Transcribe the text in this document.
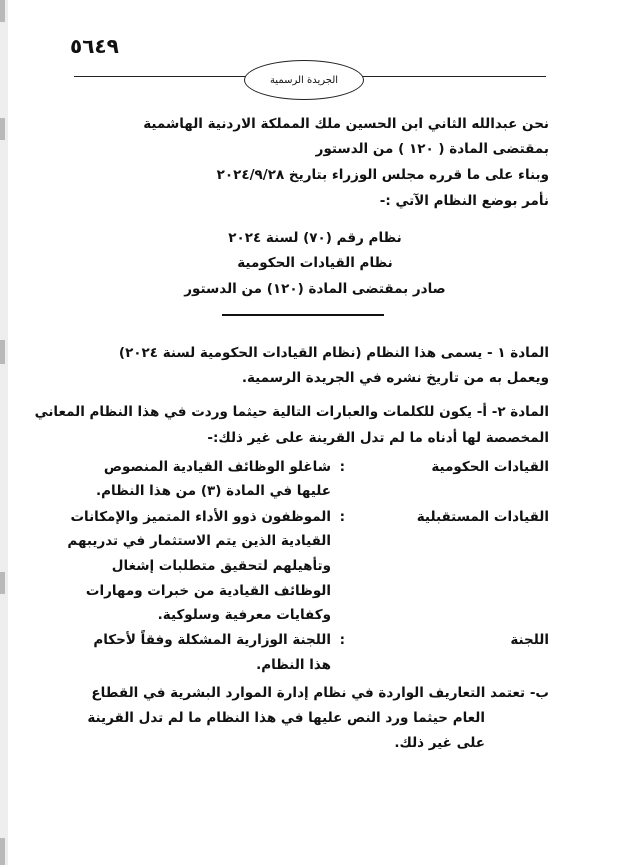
٥٦٤٩
الجريدة الرسمية
نحن عبدالله الثاني ابن الحسين ملك المملكة الاردنية الهاشمية
بمقتضى المادة ( ١٢٠ ) من الدستور
وبناء على ما قرره مجلس الوزراء بتاريخ ٢٠٢٤/٩/٢٨
نأمر بوضع النظام الآتي :-
نظام رقم (٧٠) لسنة ٢٠٢٤
نظام القيادات الحكومية
صادر بمقتضى المادة (١٢٠) من الدستور
المادة ١ - يسمى هذا النظام (نظام القيادات الحكومية لسنة ٢٠٢٤)
ويعمل به من تاريخ نشره في الجريدة الرسمية.
المادة ٢- أ- يكون للكلمات والعبارات التالية حيثما وردت في هذا النظام المعاني
المخصصة لها أدناه ما لم تدل القرينة على غير ذلك:-
القيادات الحكومية
:
شاغلو الوظائف القيادية المنصوص
عليها في المادة (٣) من هذا النظام.
القيادات المستقبلية
:
الموظفون ذوو الأداء المتميز والإمكانات
القيادية الذين يتم الاستثمار في تدريبهم
وتأهيلهم لتحقيق متطلبات إشغال
الوظائف القيادية من خبرات ومهارات
وكفايات معرفية وسلوكية.
اللجنة
:
اللجنة الوزارية المشكلة وفقاً لأحكام
هذا النظام.
ب- تعتمد التعاريف الواردة في نظام إدارة الموارد البشرية في القطاع
العام حيثما ورد النص عليها في هذا النظام ما لم تدل القرينة
على غير ذلك.
